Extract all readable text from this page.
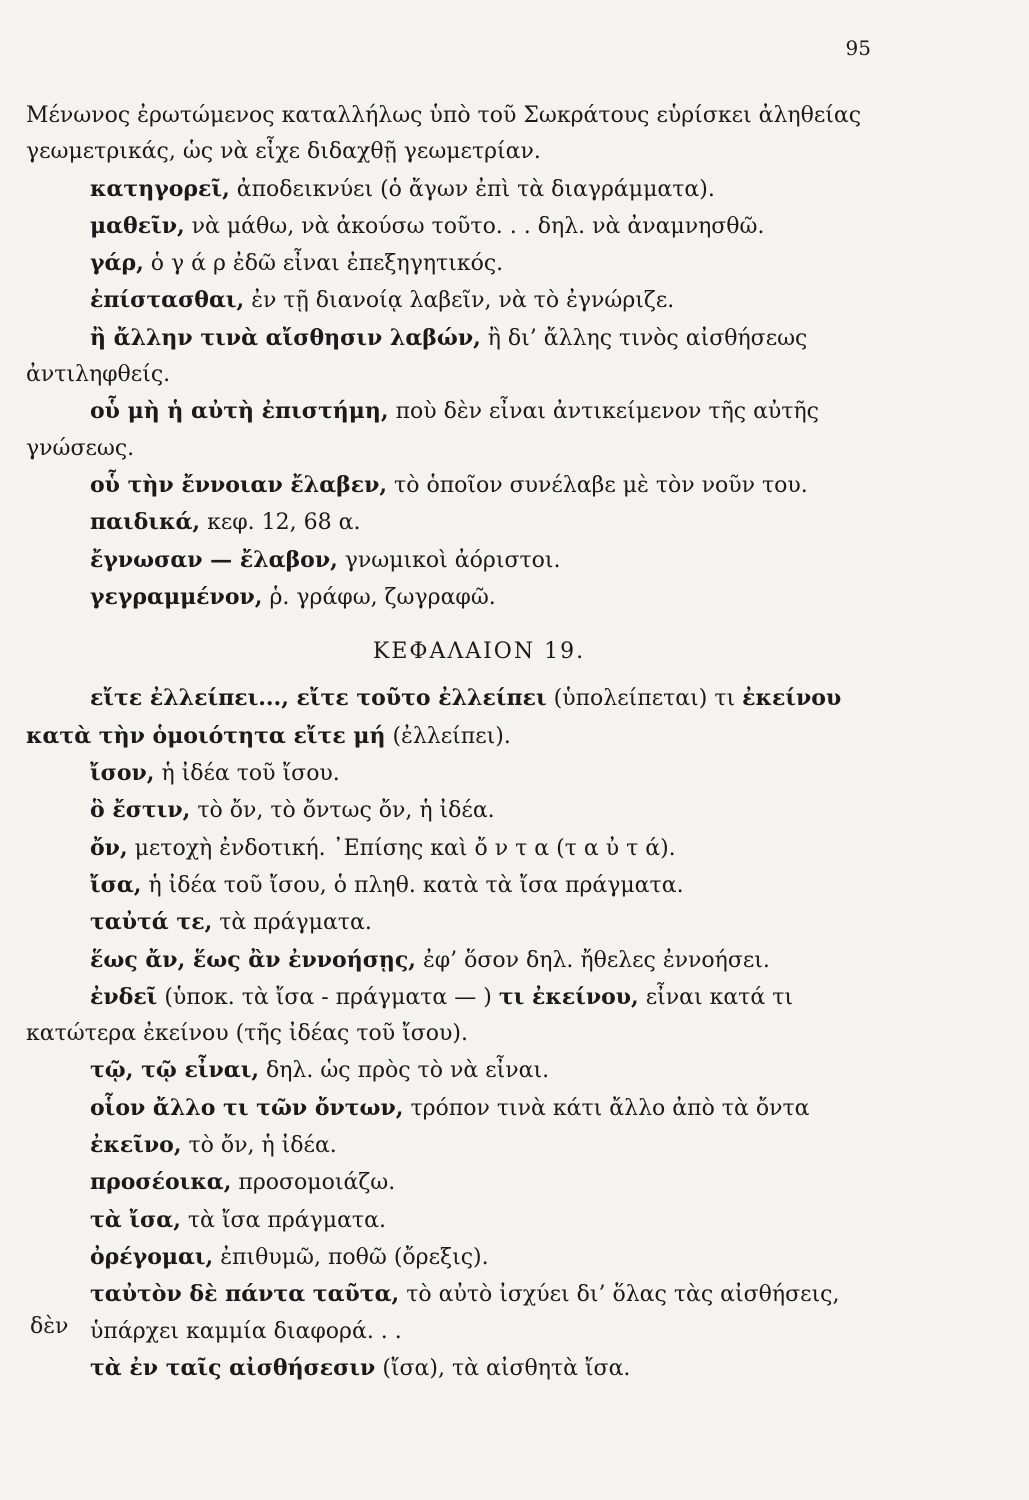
95
Μένωνος ἐρωτώμενος καταλλήλως ὑπὸ τοῦ Σωκράτους εὑρίσκει ἀληθείας
γεωμετρικάς, ὡς νὰ εἶχε διδαχθῇ γεωμετρίαν.
κατηγορεῖ, ἀποδεικνύει (ὁ ἄγων ἐπὶ τὰ διαγράμματα).
μαθεῖν, νὰ μάθω, νὰ ἀκούσω τοῦτο. . . δηλ. νὰ ἀναμνησθῶ.
γάρ, ὁ γ ά ρ ἐδῶ εἶναι ἐπεξηγητικός.
ἐπίστασθαι, ἐν τῇ διανοίᾳ λαβεῖν, νὰ τὸ ἐγνώριζε.
ἢ ἄλλην τινὰ αἴσθησιν λαβών, ἢ δι’ ἄλλης τινὸς αἰσθήσεως
ἀντιληφθείς.
οὗ μὴ ἡ αὐτὴ ἐπιστήμη, ποὺ δὲν εἶναι ἀντικείμενον τῆς αὐτῆς
γνώσεως.
οὗ τὴν ἔννοιαν ἔλαβεν, τὸ ὁποῖον συνέλαβε μὲ τὸν νοῦν του.
παιδικά, κεφ. 12, 68 α.
ἔγνωσαν — ἔλαβον, γνωμικοὶ ἀόριστοι.
γεγραμμένον, ῥ. γράφω, ζωγραφῶ.
ΚΕΦΑΛΑΙΟΝ 19.
εἴτε ἐλλείπει..., εἴτε τοῦτο ἐλλείπει (ὑπολείπεται) τι ἐκείνου
κατὰ τὴν ὁμοιότητα εἴτε μή (ἐλλείπει).
ἴσον, ἡ ἰδέα τοῦ ἴσου.
ὃ ἔστιν, τὸ ὄν, τὸ ὄντως ὄν, ἡ ἰδέα.
ὄν, μετοχὴ ἐνδοτική. ᾿Επίσης καὶ ὄ ν τ α (τ α ὐ τ ά).
ἴσα, ἡ ἰδέα τοῦ ἴσου, ὁ πληθ. κατὰ τὰ ἴσα πράγματα.
ταὐτά τε, τὰ πράγματα.
ἕως ἄν, ἕως ἂν ἐννοήσῃς, ἐφ’ ὅσον δηλ. ἤθελες ἐννοήσει.
ἐνδεῖ (ὑποκ. τὰ ἴσα - πράγματα — ) τι ἐκείνου, εἶναι κατά τι
κατώτερα ἐκείνου (τῆς ἰδέας τοῦ ἴσου).
τῷ, τῷ εἶναι, δηλ. ὡς πρὸς τὸ νὰ εἶναι.
οἷον ἄλλο τι τῶν ὄντων, τρόπον τινὰ κάτι ἄλλο ἀπὸ τὰ ὄντα
ἐκεῖνο, τὸ ὄν, ἡ ἰδέα.
προσέοικα, προσομοιάζω.
τὰ ἴσα, τὰ ἴσα πράγματα.
ὀρέγομαι, ἐπιθυμῶ, ποθῶ (ὄρεξις).
ταὐτὸν δὲ πάντα ταῦτα, τὸ αὐτὸ ἰσχύει δι’ ὅλας τὰς αἰσθήσεις,
ὑπάρχει καμμία διαφορά. . .
τὰ ἐν ταῖς αἰσθήσεσιν (ἴσα), τὰ αἰσθητὰ ἴσα.
δὲν
